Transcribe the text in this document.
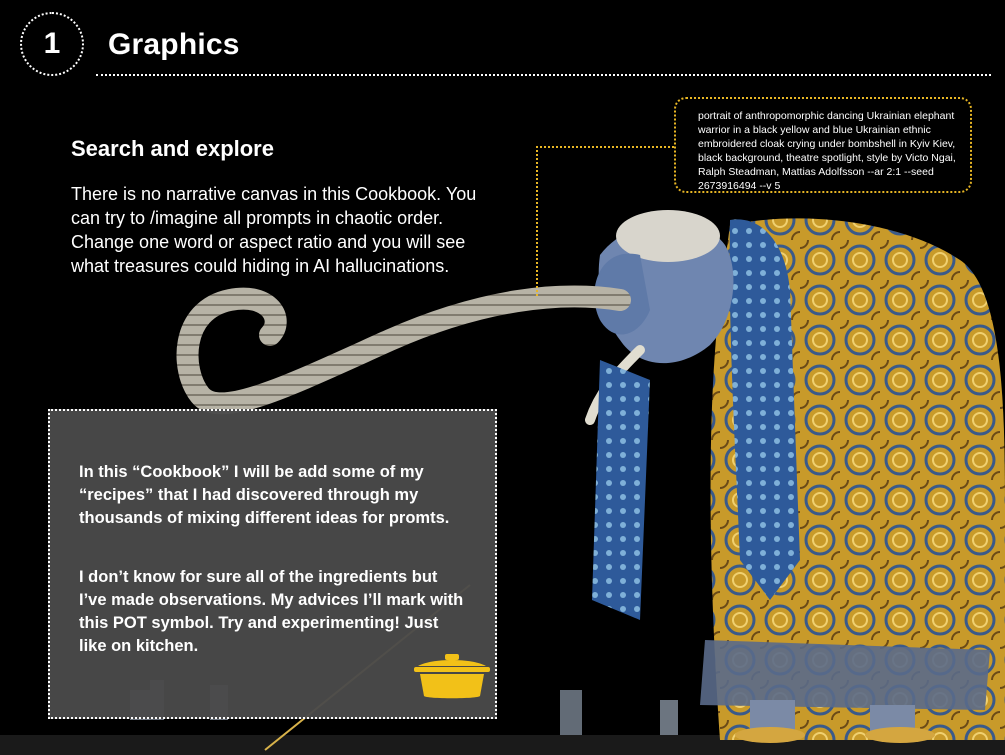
1 Graphics
Search and explore
There is no narrative canvas in this Cookbook. You can try to /imagine all prompts in chaotic order. Change one word or aspect ratio and you will see what treasures could hiding in AI hallucinations.
portrait of anthropomorphic dancing Ukrainian elephant warrior in a black yellow and blue Ukrainian ethnic embroidered cloak crying under bombshell in Kyiv Kiev, black background, theatre spotlight, style by Victo Ngai, Ralph Steadman, Mattias Adolfsson --ar 2:1 --seed 2673916494 --v 5
In this “Cookbook” I will be add some of my “recipes” that I had discovered through my thousands of mixing different ideas for promts.
I don’t know for sure all of the ingredients but I’ve made observations. My advices I’ll mark with this POT symbol. Try and experimenting! Just like on kitchen.
